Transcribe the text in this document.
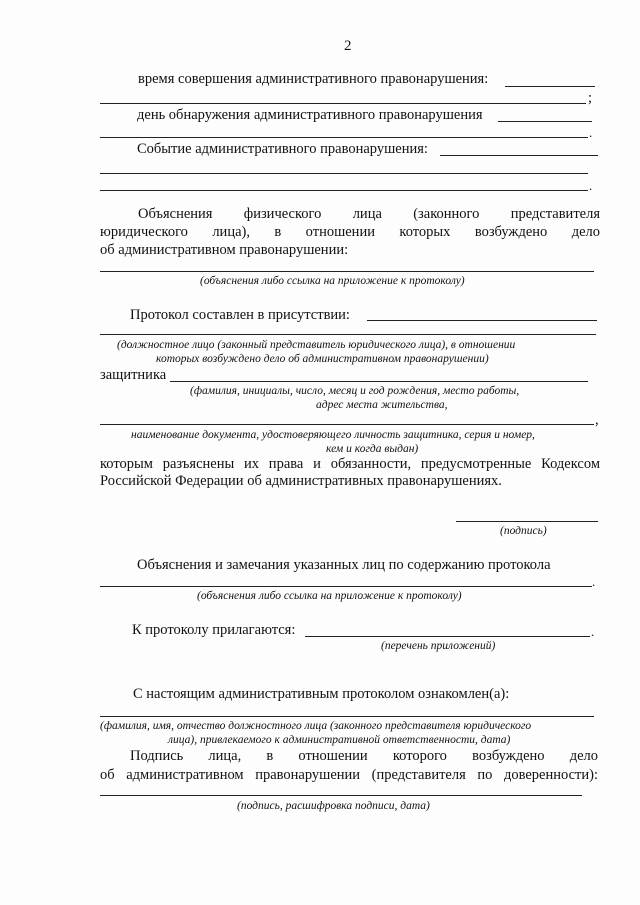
2
время совершения административного правонарушения:
;
день обнаружения административного правонарушения
.
Событие административного правонарушения:
.
Объяснения физического лица (законного представителя
юридического лица), в отношении которых возбуждено дело
об административном правонарушении:
(объяснения либо ссылка на приложение к протоколу)
Протокол составлен в присутствии:
(должностное лицо (законный представитель юридического лица), в отношении
которых возбуждено дело об административном правонарушении)
защитника
(фамилия, инициалы, число, месяц и год рождения, место работы,
адрес места жительства,
,
наименование документа, удостоверяющего личность защитника, серия и номер,
кем и когда выдан)
которым разъяснены их права и обязанности, предусмотренные Кодексом
Российской Федерации об административных правонарушениях.
(подпись)
Объяснения и замечания указанных лиц по содержанию протокола
.
(объяснения либо ссылка на приложение к протоколу)
К протоколу прилагаются:	.
(перечень приложений)
С настоящим административным протоколом ознакомлен(а):
(фамилия, имя, отчество должностного лица (законного представителя юридического
лица), привлекаемого к административной ответственности, дата)
Подпись лица, в отношении которого возбуждено дело
об административном правонарушении (представителя по доверенности):
(подпись, расшифровка подписи, дата)
